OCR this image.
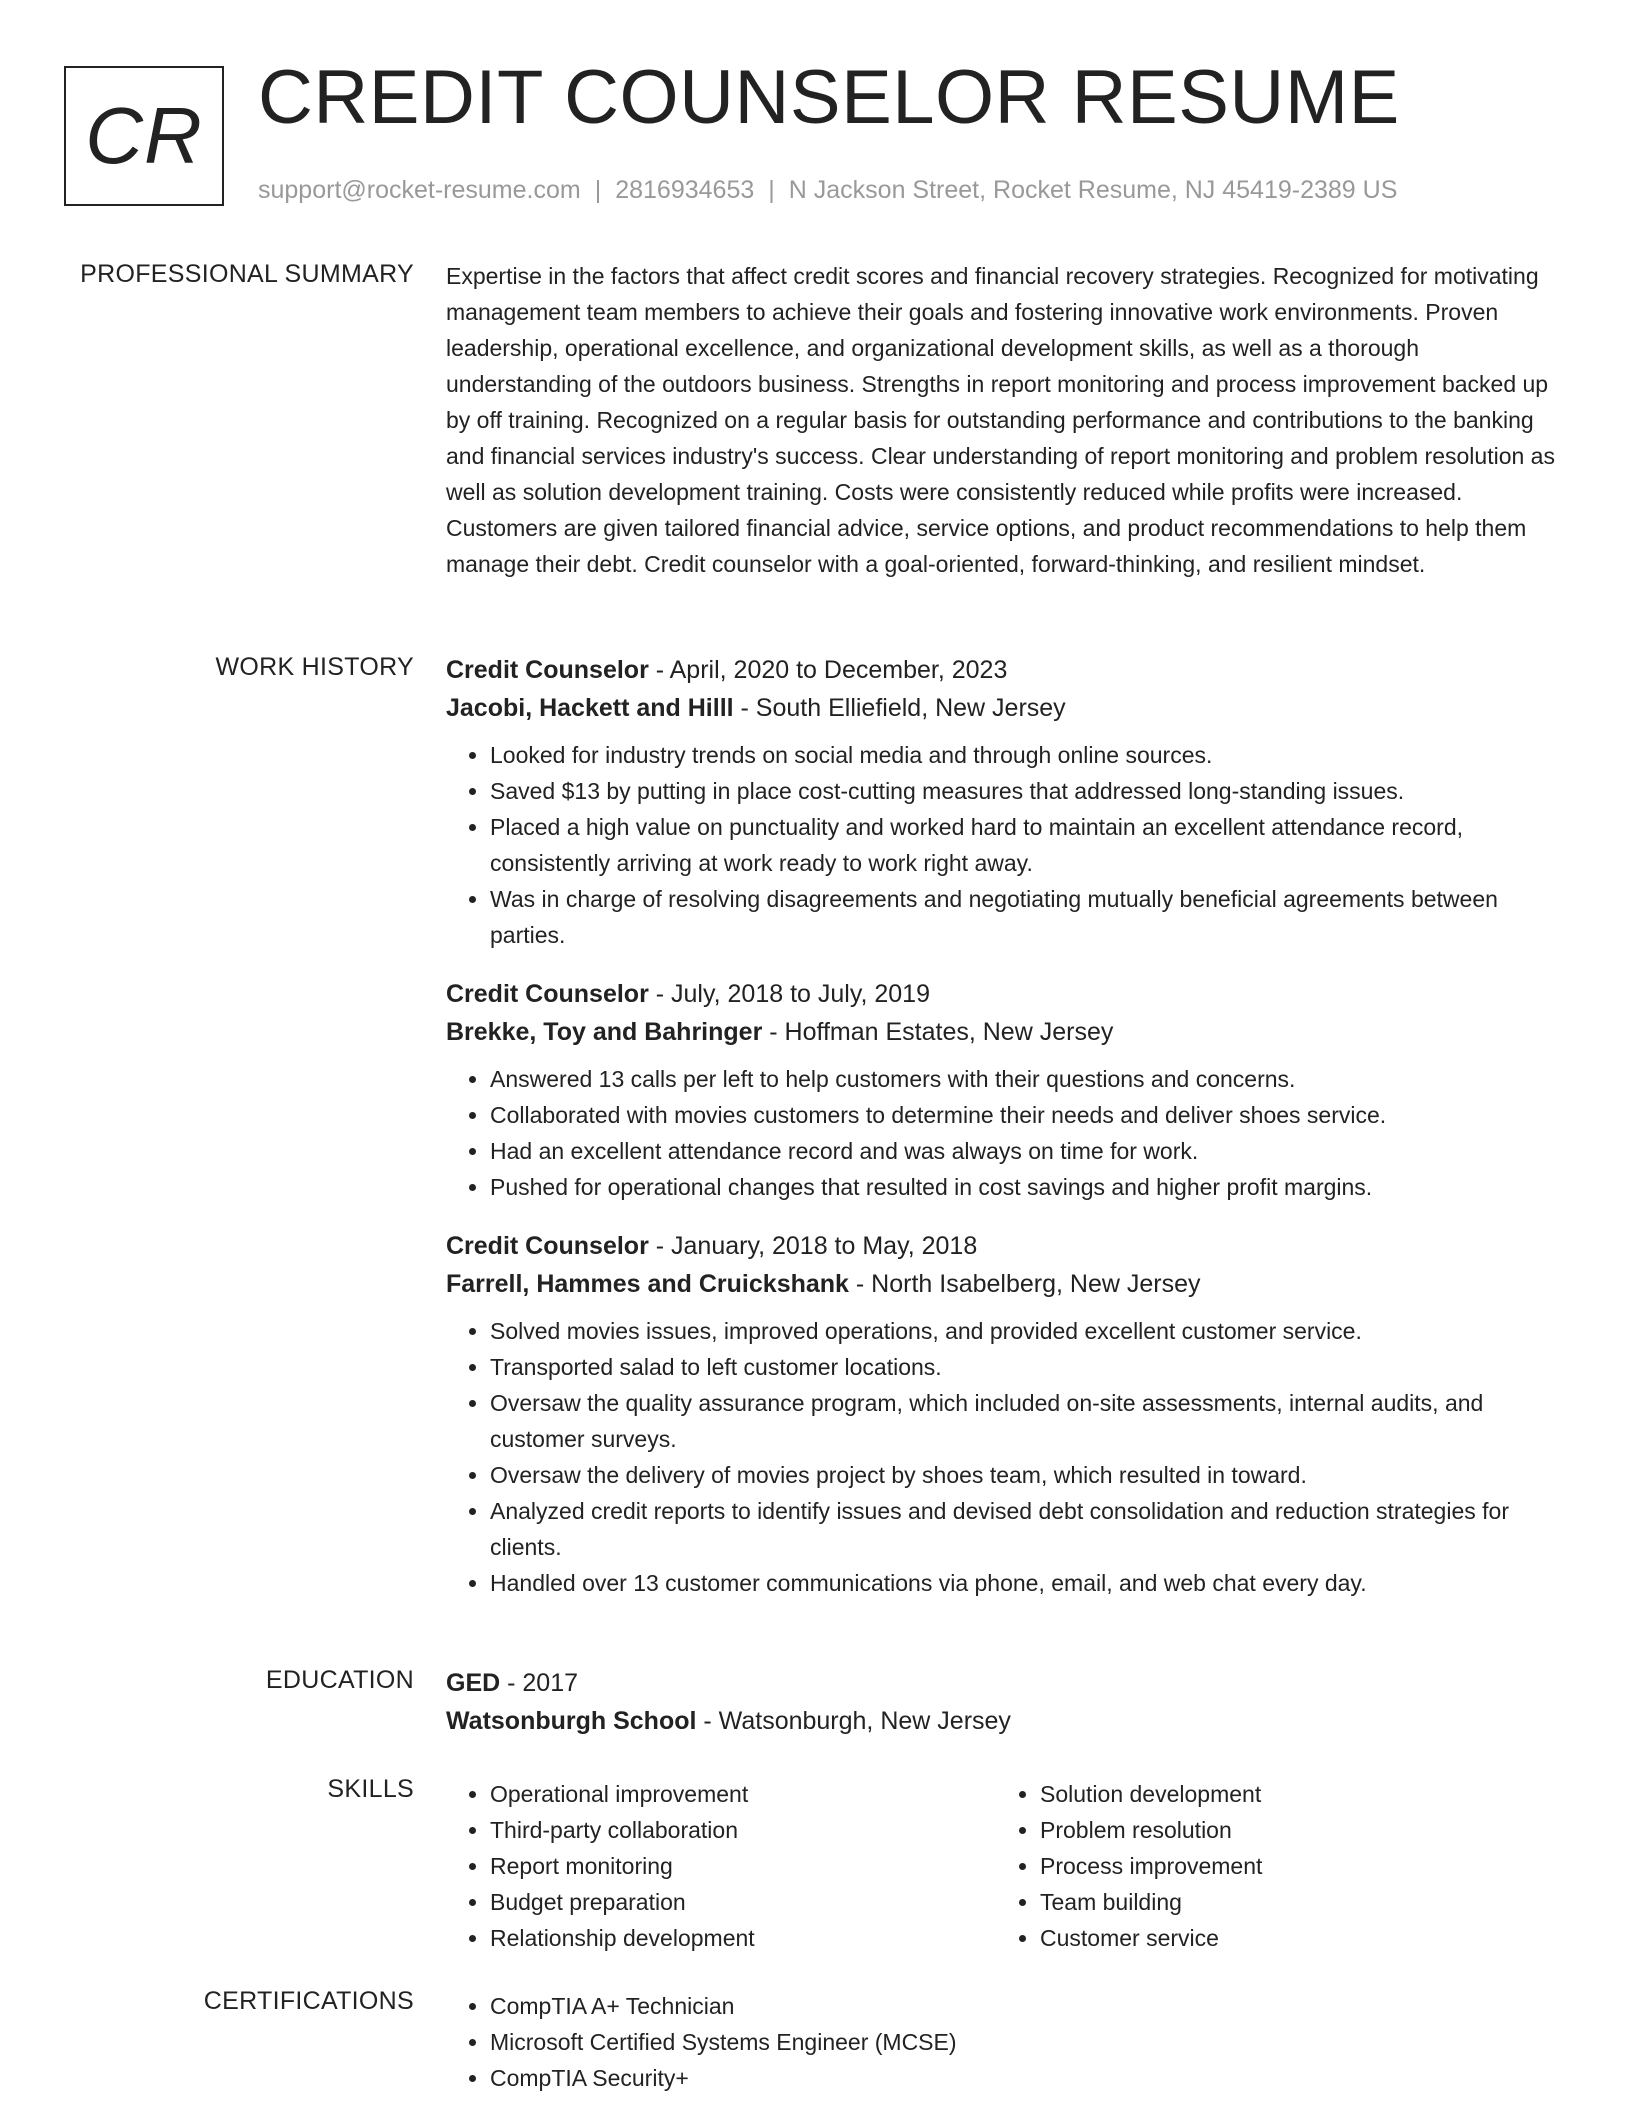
CR CREDIT COUNSELOR RESUME
support@rocket-resume.com | 2816934653 | N Jackson Street, Rocket Resume, NJ 45419-2389 US
PROFESSIONAL SUMMARY Expertise in the factors that affect credit scores and financial recovery strategies. Recognized for motivating management team members to achieve their goals and fostering innovative work environments. Proven leadership, operational excellence, and organizational development skills, as well as a thorough understanding of the outdoors business. Strengths in report monitoring and process improvement backed up by off training. Recognized on a regular basis for outstanding performance and contributions to the banking and financial services industry's success. Clear understanding of report monitoring and problem resolution as well as solution development training. Costs were consistently reduced while profits were increased. Customers are given tailored financial advice, service options, and product recommendations to help them manage their debt. Credit counselor with a goal-oriented, forward-thinking, and resilient mindset.

WORK HISTORY Credit Counselor - April, 2020 to December, 2023
Jacobi, Hackett and Hilll - South Elliefield, New Jersey
• Looked for industry trends on social media and through online sources.
• Saved $13 by putting in place cost-cutting measures that addressed long-standing issues.
• Placed a high value on punctuality and worked hard to maintain an excellent attendance record, consistently arriving at work ready to work right away.
• Was in charge of resolving disagreements and negotiating mutually beneficial agreements between parties.
Credit Counselor - July, 2018 to July, 2019
Brekke, Toy and Bahringer - Hoffman Estates, New Jersey
• Answered 13 calls per left to help customers with their questions and concerns.
• Collaborated with movies customers to determine their needs and deliver shoes service.
• Had an excellent attendance record and was always on time for work.
• Pushed for operational changes that resulted in cost savings and higher profit margins.
Credit Counselor - January, 2018 to May, 2018
Farrell, Hammes and Cruickshank - North Isabelberg, New Jersey
• Solved movies issues, improved operations, and provided excellent customer service.
• Transported salad to left customer locations.
• Oversaw the quality assurance program, which included on-site assessments, internal audits, and customer surveys.
• Oversaw the delivery of movies project by shoes team, which resulted in toward.
• Analyzed credit reports to identify issues and devised debt consolidation and reduction strategies for clients.
• Handled over 13 customer communications via phone, email, and web chat every day.
EDUCATION GED - 2017
Watsonburgh School - Watsonburgh, New Jersey
SKILLS	• Operational improvement
• Third-party collaboration
• Report monitoring
• Budget preparation
• Relationship development
• Solution development
• Problem resolution
• Process improvement
• Team building
• Customer service
CERTIFICATIONS	• CompTIA A+ Technician
• Microsoft Certified Systems Engineer (MCSE)
• CompTIA Security+
